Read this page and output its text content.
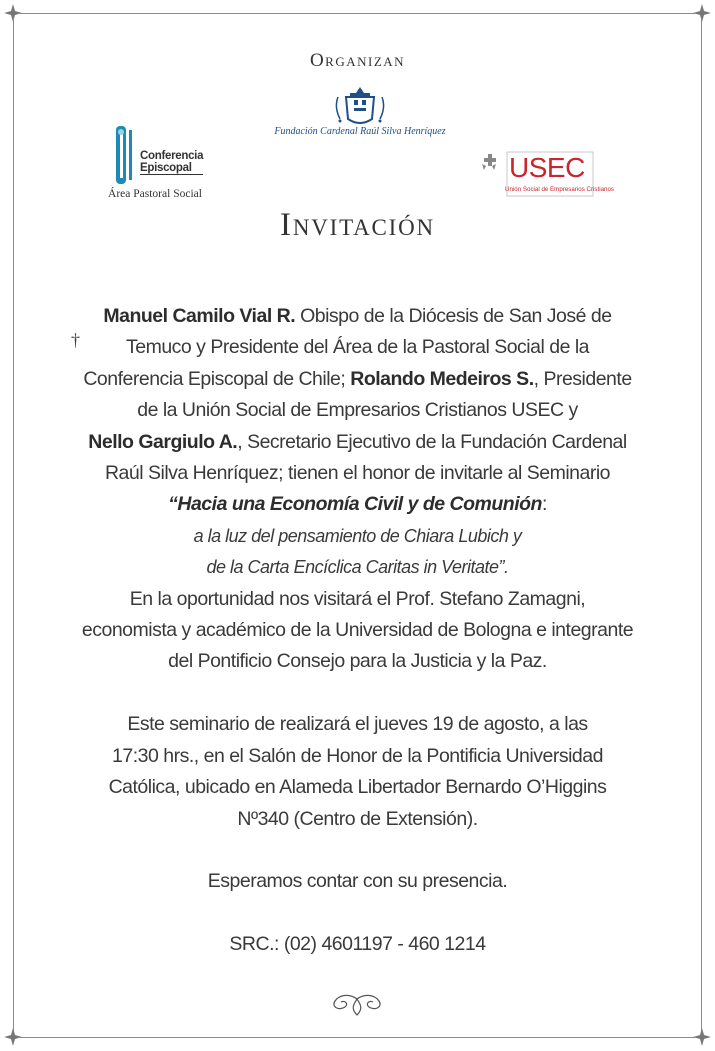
Organizan
Fundación Cardenal Raúl Silva Henríquez
Conferencia
Episcopal
Área Pastoral Social
USEC
Unión Social de Empresarios Cristianos
Invitación
†
Manuel Camilo Vial R. Obispo de la Diócesis de San José de
Temuco y Presidente del Área de la Pastoral Social de la
Conferencia Episcopal de Chile; Rolando Medeiros S., Presidente
de la Unión Social de Empresarios Cristianos USEC y
Nello Gargiulo A., Secretario Ejecutivo de la Fundación Cardenal
Raúl Silva Henríquez; tienen el honor de invitarle al Seminario
“Hacia una Economía Civil y de Comunión:
a la luz del pensamiento de Chiara Lubich y
de la Carta Encíclica Caritas in Veritate”.
En la oportunidad nos visitará el Prof. Stefano Zamagni,
economista y académico de la Universidad de Bologna e integrante
del Pontificio Consejo para la Justicia y la Paz.

Este seminario de realizará el jueves 19 de agosto, a las
17:30 hrs., en el Salón de Honor de la Pontificia Universidad
Católica, ubicado en Alameda Libertador Bernardo O’Higgins
Nº340 (Centro de Extensión).

Esperamos contar con su presencia.

SRC.: (02) 4601197 - 460 1214
